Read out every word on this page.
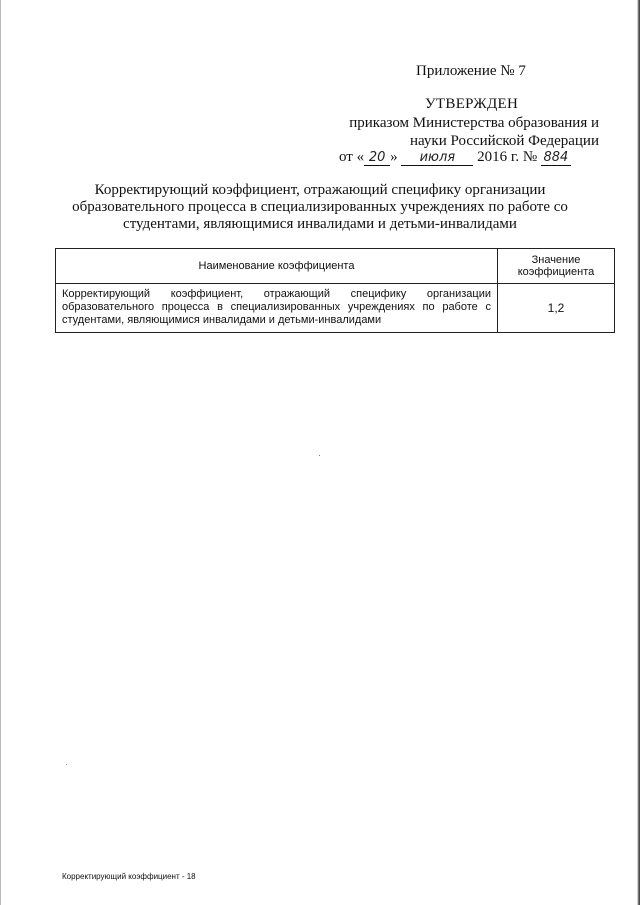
Приложение № 7
УТВЕРЖДЕН
приказом Министерства образования и
науки Российской Федерации
от « 20 » июля 2016 г. № 884
Корректирующий коэффициент, отражающий специфику организации
образовательного процесса в специализированных учреждениях по работе со
студентами, являющимися инвалидами и детьми-инвалидами
Наименование коэффициента	Значение коэффициента
Корректирующий коэффициент, отражающий специфику организации образовательного процесса в специализированных учреждениях по работе с студентами, являющимися инвалидами и детьми-инвалидами	1,2
Корректирующий коэффициент - 18
